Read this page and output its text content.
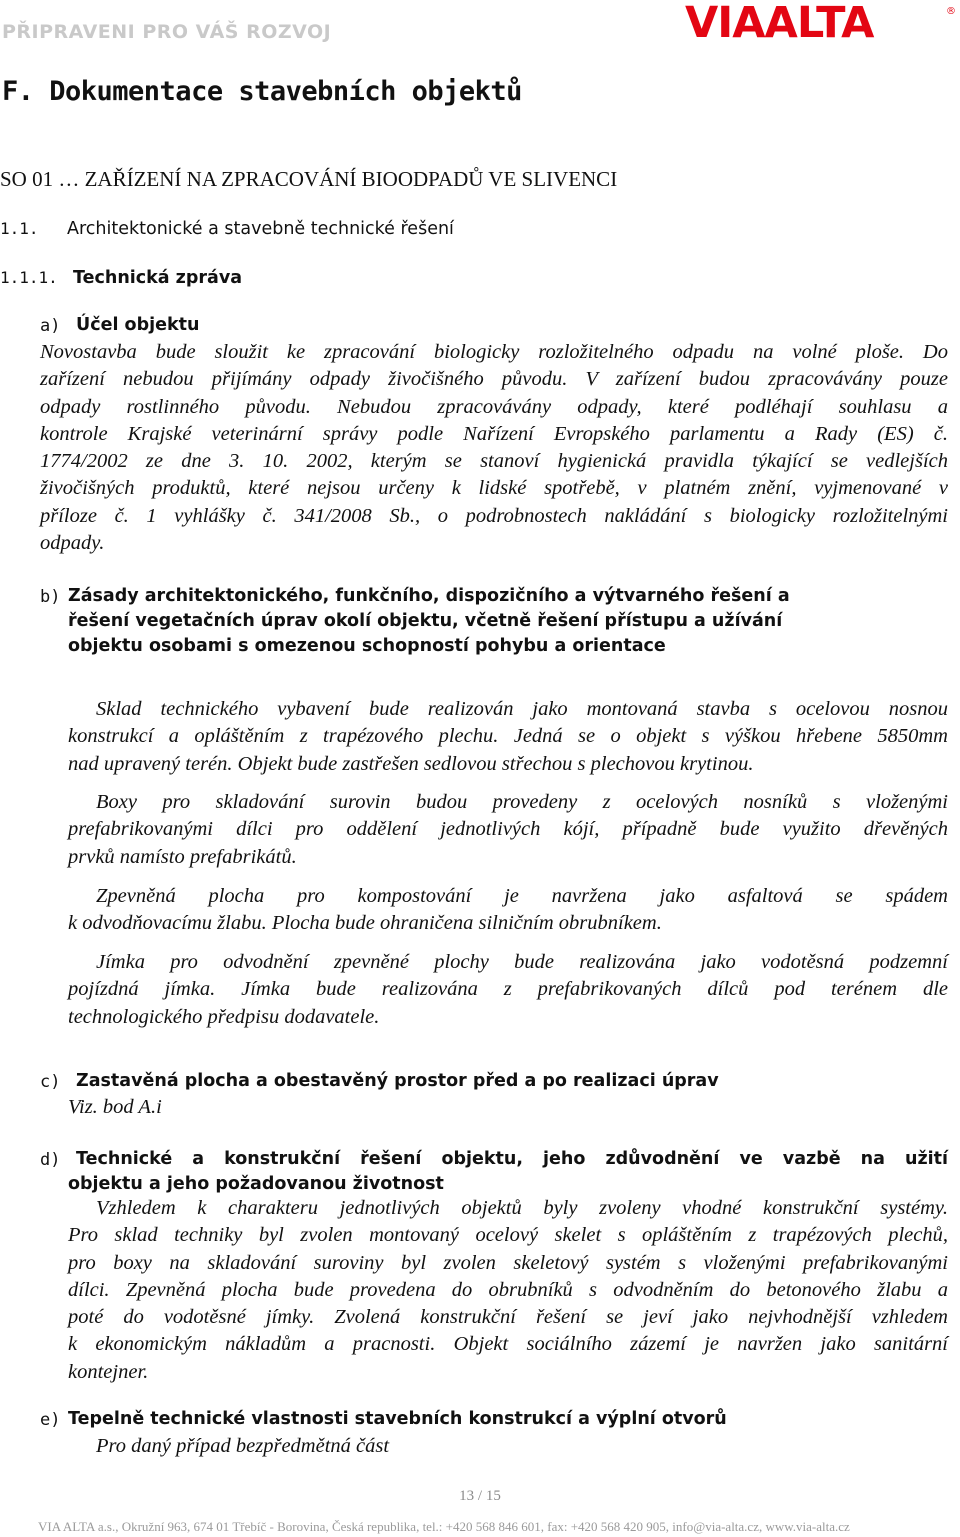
PŘIPRAVENI PRO VÁŠ ROZVOJ	VIAALTA	®
F. Dokumentace stavebních objektů
SO 01 … ZAŘÍZENÍ NA ZPRACOVÁNÍ BIOODPADŮ VE SLIVENCI
1.1. Architektonické a stavebně technické řešení
1.1.1. Technická zpráva
a) Účel objektu
Novostavba bude sloužit ke zpracování biologicky rozložitelného odpadu na volné ploše. Do
zařízení nebudou přijímány odpady živočišného původu. V zařízení budou zpracovávány pouze
odpady rostlinného původu. Nebudou zpracovávány odpady, které podléhají souhlasu a
kontrole Krajské veterinární správy podle Nařízení Evropského parlamentu a Rady (ES) č.
1774/2002 ze dne 3. 10. 2002, kterým se stanoví hygienická pravidla týkající se vedlejších
živočišných produktů, které nejsou určeny k lidské spotřebě, v platném znění, vyjmenované v
příloze č. 1 vyhlášky č. 341/2008 Sb., o podrobnostech nakládání s biologicky rozložitelnými
odpady.
b) Zásady architektonického, funkčního, dispozičního a výtvarného řešení a
řešení vegetačních úprav okolí objektu, včetně řešení přístupu a užívání
objektu osobami s omezenou schopností pohybu a orientace
Sklad technického vybavení bude realizován jako montovaná stavba s ocelovou nosnou
konstrukcí a opláštěním z trapézového plechu. Jedná se o objekt s výškou hřebene 5850mm
nad upravený terén. Objekt bude zastřešen sedlovou střechou s plechovou krytinou.
Boxy pro skladování surovin budou provedeny z ocelových nosníků s vloženými
prefabrikovanými dílci pro oddělení jednotlivých kójí, případně bude využito dřevěných
prvků namísto prefabrikátů.
Zpevněná plocha pro kompostování je navržena jako asfaltová se spádem
k odvodňovacímu žlabu. Plocha bude ohraničena silničním obrubníkem.
Jímka pro odvodnění zpevněné plochy bude realizována jako vodotěsná podzemní
pojízdná jímka. Jímka bude realizována z prefabrikovaných dílců pod terénem dle
technologického předpisu dodavatele.
c) Zastavěná plocha a obestavěný prostor před a po realizaci úprav
Viz. bod A.i
d) Technické a konstrukční řešení objektu, jeho zdůvodnění ve vazbě na užití
objektu a jeho požadovanou životnost
Vzhledem k charakteru jednotlivých objektů byly zvoleny vhodné konstrukční systémy.
Pro sklad techniky byl zvolen montovaný ocelový skelet s opláštěním z trapézových plechů,
pro boxy na skladování suroviny byl zvolen skeletový systém s vloženými prefabrikovanými
dílci. Zpevněná plocha bude provedena do obrubníků s odvodněním do betonového žlabu a
poté do vodotěsné jímky. Zvolená konstrukční řešení se jeví jako nejvhodnější vzhledem
k ekonomickým nákladům a pracnosti. Objekt sociálního zázemí je navržen jako sanitární
kontejner.
e) Tepelně technické vlastnosti stavebních konstrukcí a výplní otvorů
Pro daný případ bezpředmětná část
13 / 15
VIA ALTA a.s., Okružní 963, 674 01 Třebíč - Borovina, Česká republika, tel.: +420 568 846 601, fax: +420 568 420 905, info@via-alta.cz, www.via-alta.cz
